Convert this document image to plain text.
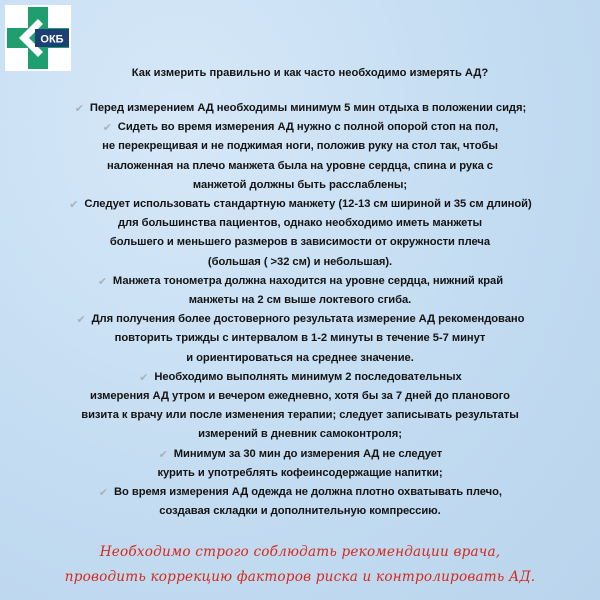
ОКБ
Как измерить правильно и как часто необходимо измерять АД?
✔ Перед измерением АД необходимы минимум 5 мин отдыха в положении сидя;
✔ Сидеть во время измерения АД нужно с полной опорой стоп на пол,
не перекрещивая и не поджимая ноги, положив руку на стол так, чтобы
наложенная на плечо манжета была на уровне сердца, спина и рука с
манжетой должны быть расслаблены;
✔ Следует использовать стандартную манжету (12-13 см шириной и 35 см длиной)
для большинства пациентов, однако необходимо иметь манжеты
большего и меньшего размеров в зависимости от окружности плеча
(большая ( >32 см) и небольшая).
✔ Манжета тонометра должна находится на уровне сердца, нижний край
манжеты на 2 см выше локтевого сгиба.
✔ Для получения более достоверного результата измерение АД рекомендовано
повторить трижды с интервалом в 1-2 минуты в течение 5-7 минут
и ориентироваться на среднее значение.
✔ Необходимо выполнять минимум 2 последовательных
измерения АД утром и вечером ежедневно, хотя бы за 7 дней до планового
визита к врачу или после изменения терапии; следует записывать результаты
измерений в дневник самоконтроля;
✔ Минимум за 30 мин до измерения АД не следует
курить и употреблять кофеинсодержащие напитки;
✔ Во время измерения АД одежда не должна плотно охватывать плечо,
создавая складки и дополнительную компрессию.
Необходимо строго соблюдать рекомендации врача,
проводить коррекцию факторов риска и контролировать АД.
